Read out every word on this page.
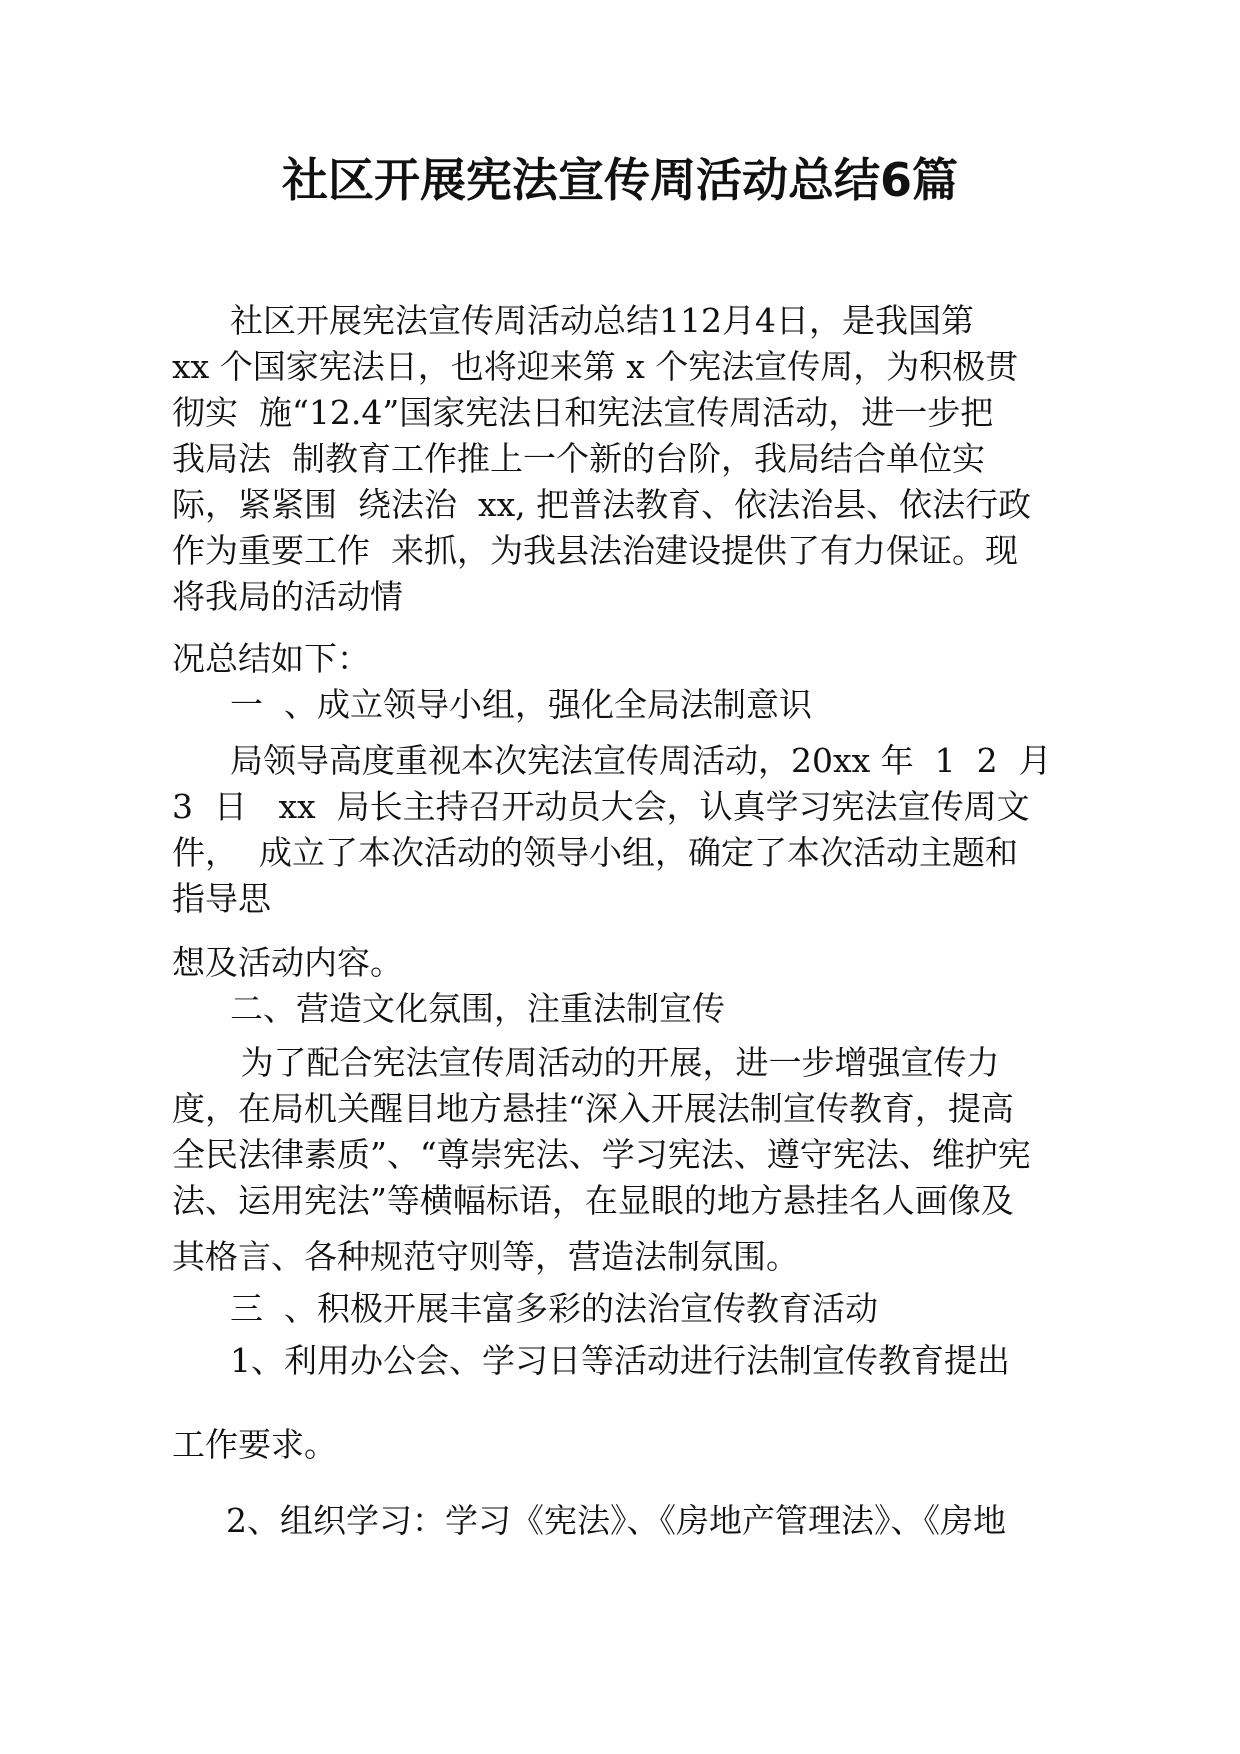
社区开展宪法宣传周活动总结6篇
社区开展宪法宣传周活动总结112月4日，是我国第
xx 个国家宪法日，也将迎来第 x 个宪法宣传周，为积极贯
彻实  施“12.4”国家宪法日和宪法宣传周活动，进一步把
我局法  制教育工作推上一个新的台阶，我局结合单位实
际，紧紧围  绕法治  xx, 把普法教育、依法治县、依法行政
作为重要工作  来抓，为我县法治建设提供了有力保证。现
将我局的活动情
况总结如下：
一  、成立领导小组，强化全局法制意识
局领导高度重视本次宪法宣传周活动，20xx 年  1  2  月
3  日   xx  局长主持召开动员大会，认真学习宪法宣传周文
件，  成立了本次活动的领导小组，确定了本次活动主题和
指导思
想及活动内容。
二、营造文化氛围，注重法制宣传
为了配合宪法宣传周活动的开展，进一步增强宣传力
度，在局机关醒目地方悬挂“深入开展法制宣传教育，提高
全民法律素质”、“尊崇宪法、学习宪法、遵守宪法、维护宪
法、运用宪法”等横幅标语，在显眼的地方悬挂名人画像及
其格言、各种规范守则等，营造法制氛围。
三  、积极开展丰富多彩的法治宣传教育活动
1、利用办公会、学习日等活动进行法制宣传教育提出
工作要求。
2、组织学习：学习《宪法》、《房地产管理法》、《房地
